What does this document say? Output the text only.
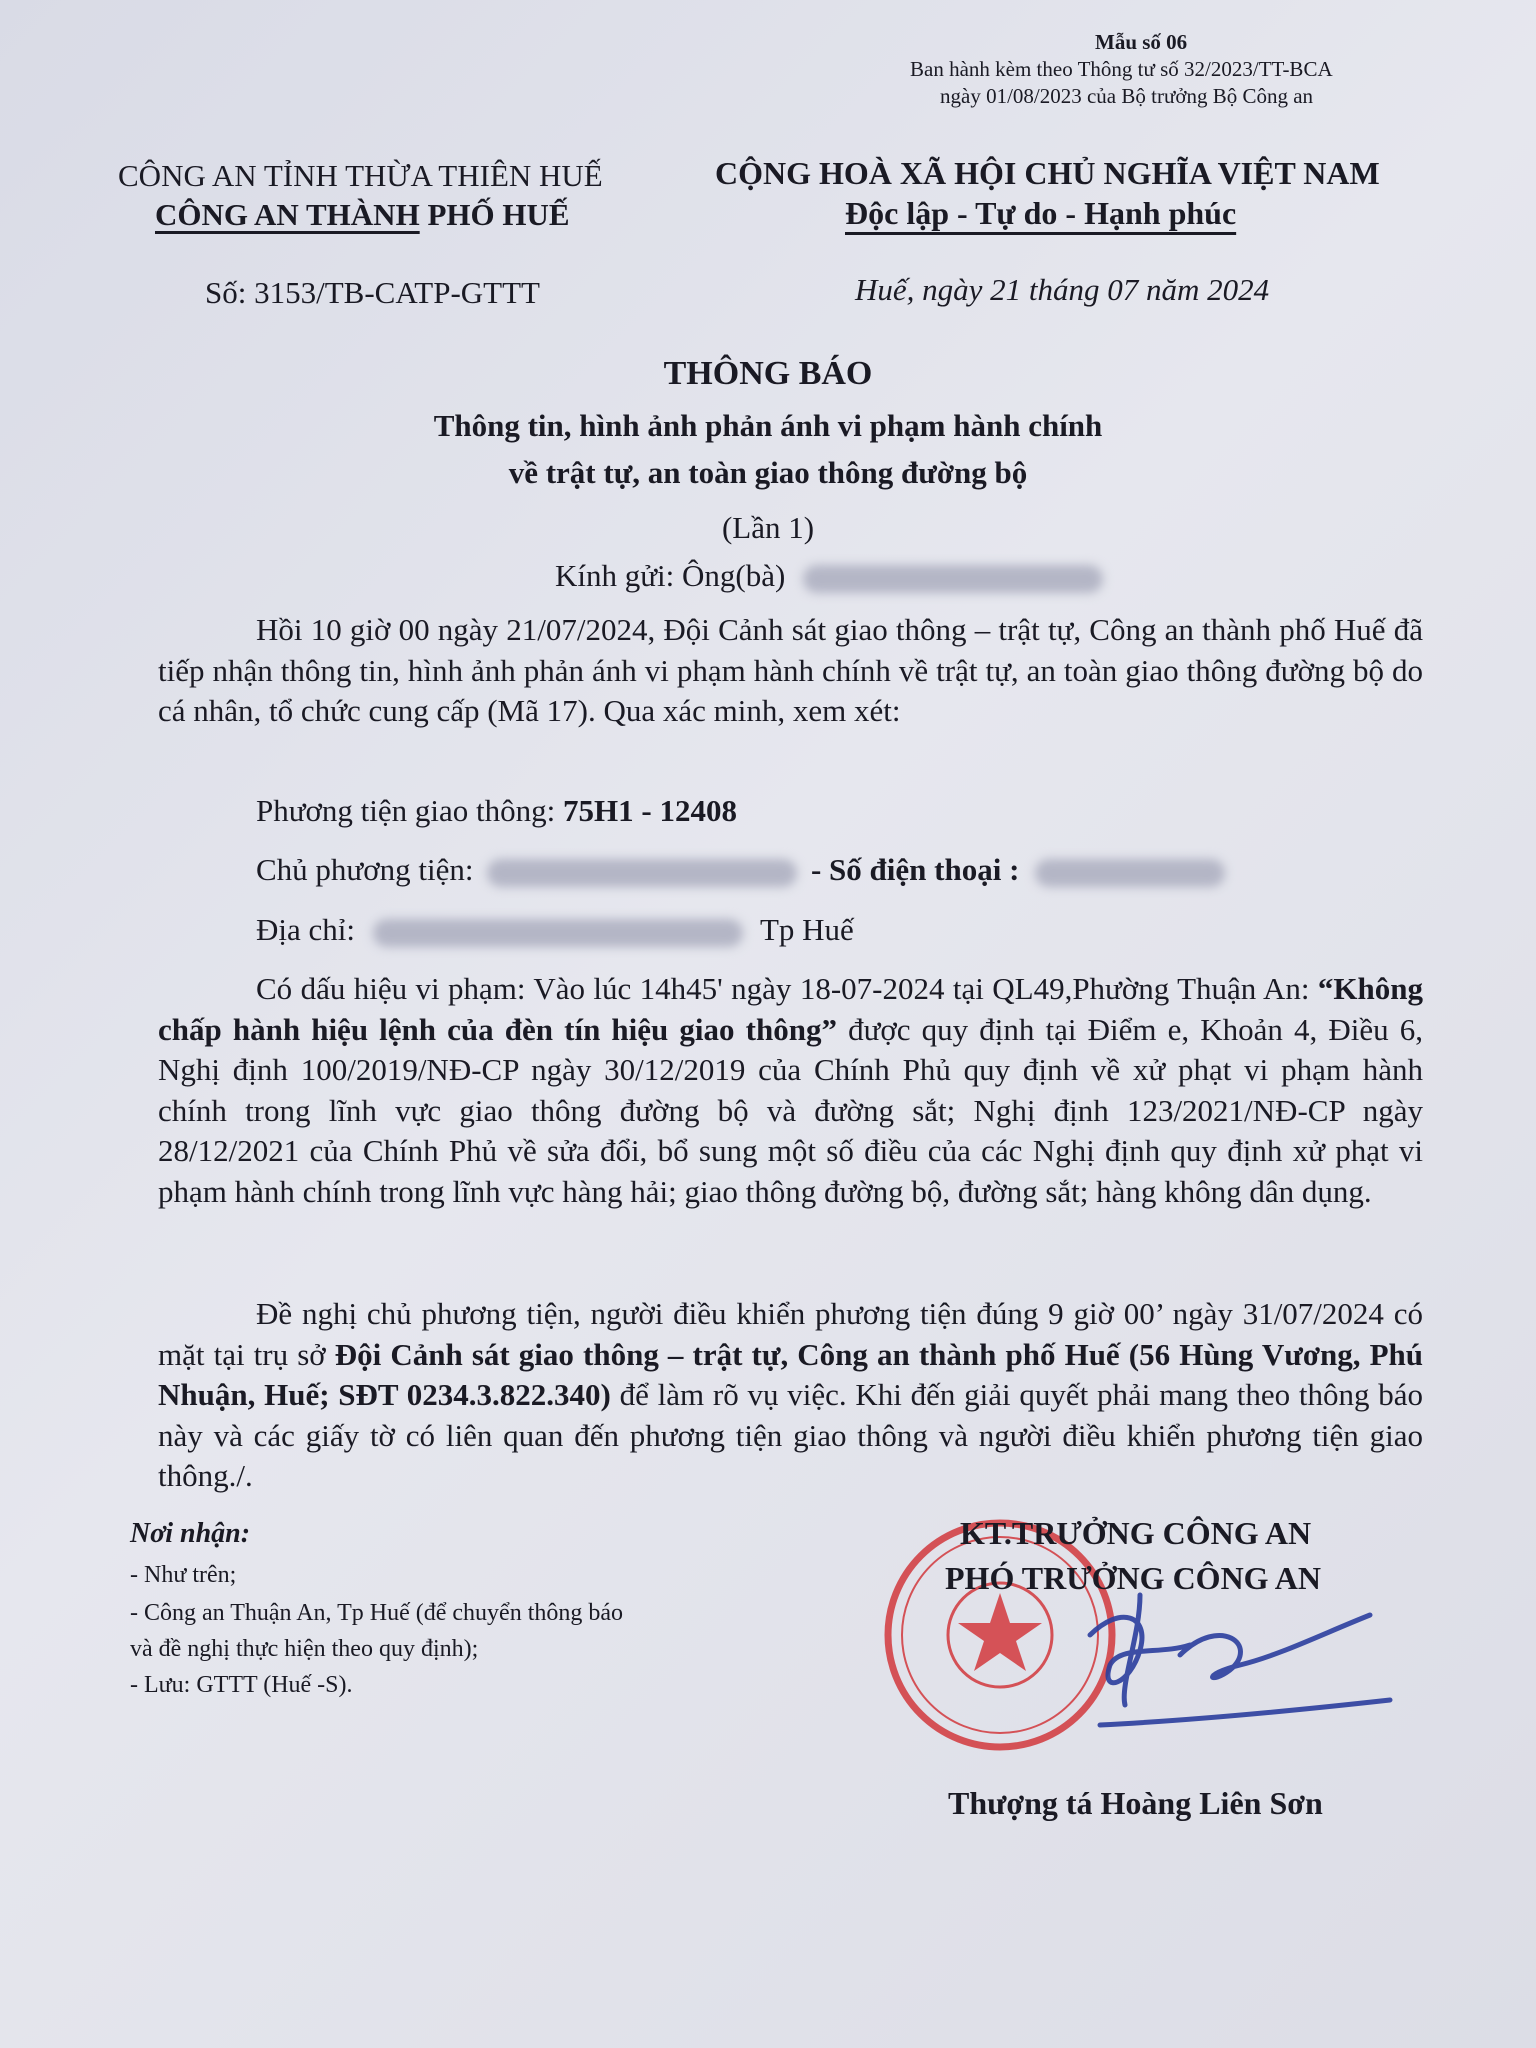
Mẫu số 06
Ban hành kèm theo Thông tư số 32/2023/TT-BCA
ngày 01/08/2023 của Bộ trưởng Bộ Công an
CÔNG AN TỈNH THỪA THIÊN HUẾ
CÔNG AN THÀNH PHỐ HUẾ
CỘNG HOÀ XÃ HỘI CHỦ NGHĨA VIỆT NAM
Độc lập - Tự do - Hạnh phúc
Số: 3153/TB-CATP-GTTT	Huế, ngày 21 tháng 07 năm 2024
THÔNG BÁO
Thông tin, hình ảnh phản ánh vi phạm hành chính
về trật tự, an toàn giao thông đường bộ
(Lần 1)
Kính gửi: Ông(bà)
Hồi 10 giờ 00 ngày 21/07/2024, Đội Cảnh sát giao thông – trật tự, Công an thành phố Huế đã tiếp nhận thông tin, hình ảnh phản ánh vi phạm hành chính về trật tự, an toàn giao thông đường bộ do cá nhân, tổ chức cung cấp (Mã 17). Qua xác minh, xem xét:
Phương tiện giao thông: 75H1 - 12408
Chủ phương tiện:	- Số điện thoại :
Địa chỉ:	Tp Huế
Có dấu hiệu vi phạm: Vào lúc 14h45' ngày 18-07-2024 tại QL49,Phường Thuận An: “Không chấp hành hiệu lệnh của đèn tín hiệu giao thông” được quy định tại Điểm e, Khoản 4, Điều 6, Nghị định 100/2019/NĐ-CP ngày 30/12/2019 của Chính Phủ quy định về xử phạt vi phạm hành chính trong lĩnh vực giao thông đường bộ và đường sắt; Nghị định 123/2021/NĐ-CP ngày 28/12/2021 của Chính Phủ về sửa đổi, bổ sung một số điều của các Nghị định quy định xử phạt vi phạm hành chính trong lĩnh vực hàng hải; giao thông đường bộ, đường sắt; hàng không dân dụng.
Đề nghị chủ phương tiện, người điều khiển phương tiện đúng 9 giờ 00’ ngày 31/07/2024 có mặt tại trụ sở Đội Cảnh sát giao thông – trật tự, Công an thành phố Huế (56 Hùng Vương, Phú Nhuận, Huế; SĐT 0234.3.822.340) để làm rõ vụ việc. Khi đến giải quyết phải mang theo thông báo này và các giấy tờ có liên quan đến phương tiện giao thông và người điều khiển phương tiện giao thông./.
Nơi nhận:
- Như trên;
- Công an Thuận An, Tp Huế (để chuyển thông báo
và đề nghị thực hiện theo quy định);
- Lưu: GTTT (Huế -S).
KT.TRƯỞNG CÔNG AN
PHÓ TRƯỞNG CÔNG AN
Thượng tá Hoàng Liên Sơn
